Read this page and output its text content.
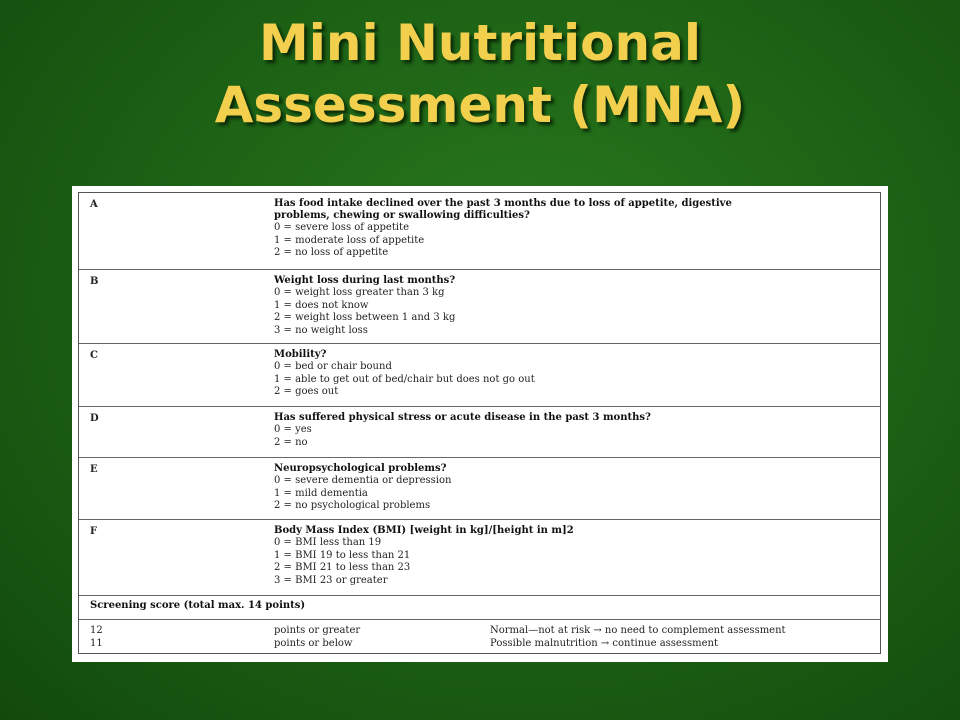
Mini Nutritional
Assessment (MNA)
A	Has food intake declined over the past 3 months due to loss of appetite, digestive
problems, chewing or swallowing difficulties?
0 = severe loss of appetite
1 = moderate loss of appetite
2 = no loss of appetite
B	Weight loss during last months?
0 = weight loss greater than 3 kg
1 = does not know
2 = weight loss between 1 and 3 kg
3 = no weight loss
C	Mobility?
0 = bed or chair bound
1 = able to get out of bed/chair but does not go out
2 = goes out
D	Has suffered physical stress or acute disease in the past 3 months?
0 = yes
2 = no
E	Neuropsychological problems?
0 = severe dementia or depression
1 = mild dementia
2 = no psychological problems
F	Body Mass Index (BMI) [weight in kg]/[height in m]2
0 = BMI less than 19
1 = BMI 19 to less than 21
2 = BMI 21 to less than 23
3 = BMI 23 or greater
Screening score (total max. 14 points)
12	points or greater	Normal—not at risk → no need to complement assessment
11	points or below	Possible malnutrition → continue assessment
